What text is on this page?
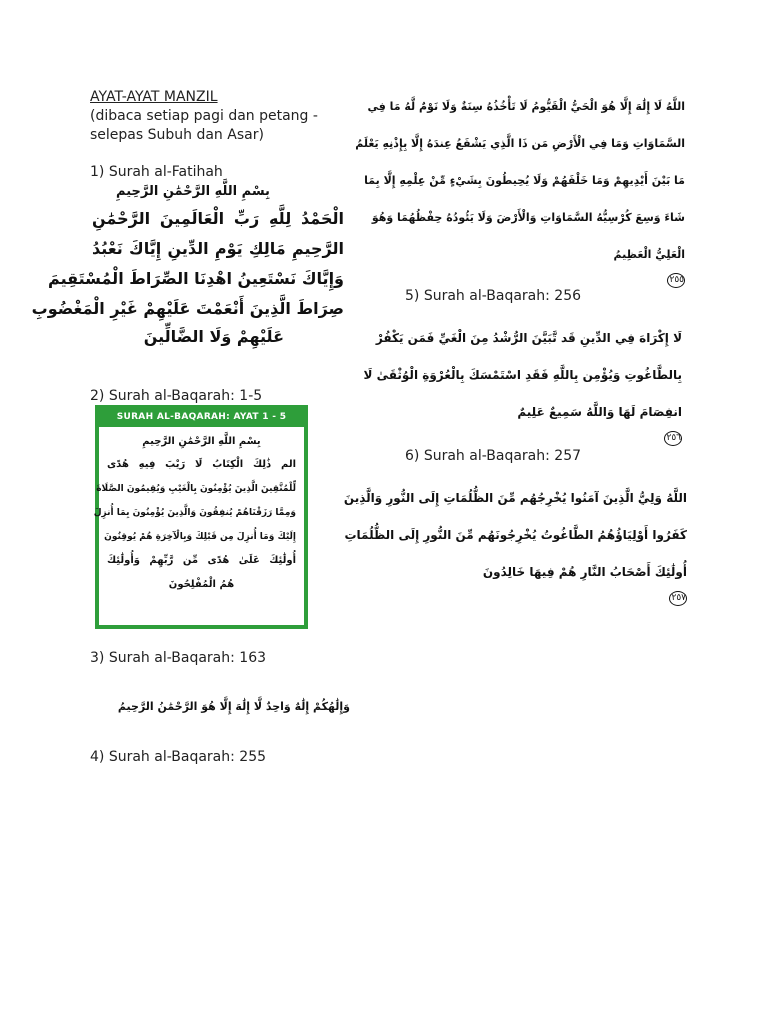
AYAT-AYAT MANZIL
(dibaca setiap pagi dan petang -
selepas Subuh dan Asar)
1) Surah al-Fatihah
بِسْمِ اللَّهِ الرَّحْمَٰنِ الرَّحِيمِ
الْحَمْدُ لِلَّهِ رَبِّ الْعَالَمِينَ الرَّحْمَٰنِ
الرَّحِيمِ مَالِكِ يَوْمِ الدِّينِ إِيَّاكَ نَعْبُدُ
وَإِيَّاكَ نَسْتَعِينُ اهْدِنَا الصِّرَاطَ الْمُسْتَقِيمَ
صِرَاطَ الَّذِينَ أَنْعَمْتَ عَلَيْهِمْ غَيْرِ الْمَغْضُوبِ
عَلَيْهِمْ وَلَا الضَّالِّينَ
2) Surah al-Baqarah: 1-5
SURAH AL-BAQARAH: AYAT 1 - 5
بِسْمِ اللَّهِ الرَّحْمَٰنِ الرَّحِيمِ
الم ذَٰلِكَ الْكِتَابُ لَا رَيْبَ فِيهِ هُدًى
لِّلْمُتَّقِينَ الَّذِينَ يُؤْمِنُونَ بِالْغَيْبِ وَيُقِيمُونَ الصَّلَاةَ
وَمِمَّا رَزَقْنَاهُمْ يُنفِقُونَ وَالَّذِينَ يُؤْمِنُونَ بِمَا أُنزِلَ
إِلَيْكَ وَمَا أُنزِلَ مِن قَبْلِكَ وَبِالْآخِرَةِ هُمْ يُوقِنُونَ
أُولَٰئِكَ عَلَىٰ هُدًى مِّن رَّبِّهِمْ وَأُولَٰئِكَ
هُمُ الْمُفْلِحُونَ
3) Surah al-Baqarah: 163
وَإِلَٰهُكُمْ إِلَٰهٌ وَاحِدٌ لَّا إِلَٰهَ إِلَّا هُوَ الرَّحْمَٰنُ الرَّحِيمُ
4) Surah al-Baqarah: 255
اللَّهُ لَا إِلَٰهَ إِلَّا هُوَ الْحَيُّ الْقَيُّومُ لَا تَأْخُذُهُ سِنَةٌ وَلَا نَوْمٌ لَّهُ مَا فِي
السَّمَاوَاتِ وَمَا فِي الْأَرْضِ مَن ذَا الَّذِي يَشْفَعُ عِندَهُ إِلَّا بِإِذْنِهِ يَعْلَمُ
مَا بَيْنَ أَيْدِيهِمْ وَمَا خَلْفَهُمْ وَلَا يُحِيطُونَ بِشَيْءٍ مِّنْ عِلْمِهِ إِلَّا بِمَا
شَاءَ وَسِعَ كُرْسِيُّهُ السَّمَاوَاتِ وَالْأَرْضَ وَلَا يَئُودُهُ حِفْظُهُمَا وَهُوَ
الْعَلِيُّ الْعَظِيمُ
٢٥٥
5) Surah al-Baqarah: 256
لَا إِكْرَاهَ فِي الدِّينِ قَد تَّبَيَّنَ الرُّشْدُ مِنَ الْغَيِّ فَمَن يَكْفُرْ
بِالطَّاغُوتِ وَيُؤْمِن بِاللَّهِ فَقَدِ اسْتَمْسَكَ بِالْعُرْوَةِ الْوُثْقَىٰ لَا
انفِصَامَ لَهَا وَاللَّهُ سَمِيعٌ عَلِيمٌ
٢٥٦
6) Surah al-Baqarah: 257
اللَّهُ وَلِيُّ الَّذِينَ آمَنُوا يُخْرِجُهُم مِّنَ الظُّلُمَاتِ إِلَى النُّورِ وَالَّذِينَ
كَفَرُوا أَوْلِيَاؤُهُمُ الطَّاغُوتُ يُخْرِجُونَهُم مِّنَ النُّورِ إِلَى الظُّلُمَاتِ
أُولَٰئِكَ أَصْحَابُ النَّارِ هُمْ فِيهَا خَالِدُونَ
٢٥٧
